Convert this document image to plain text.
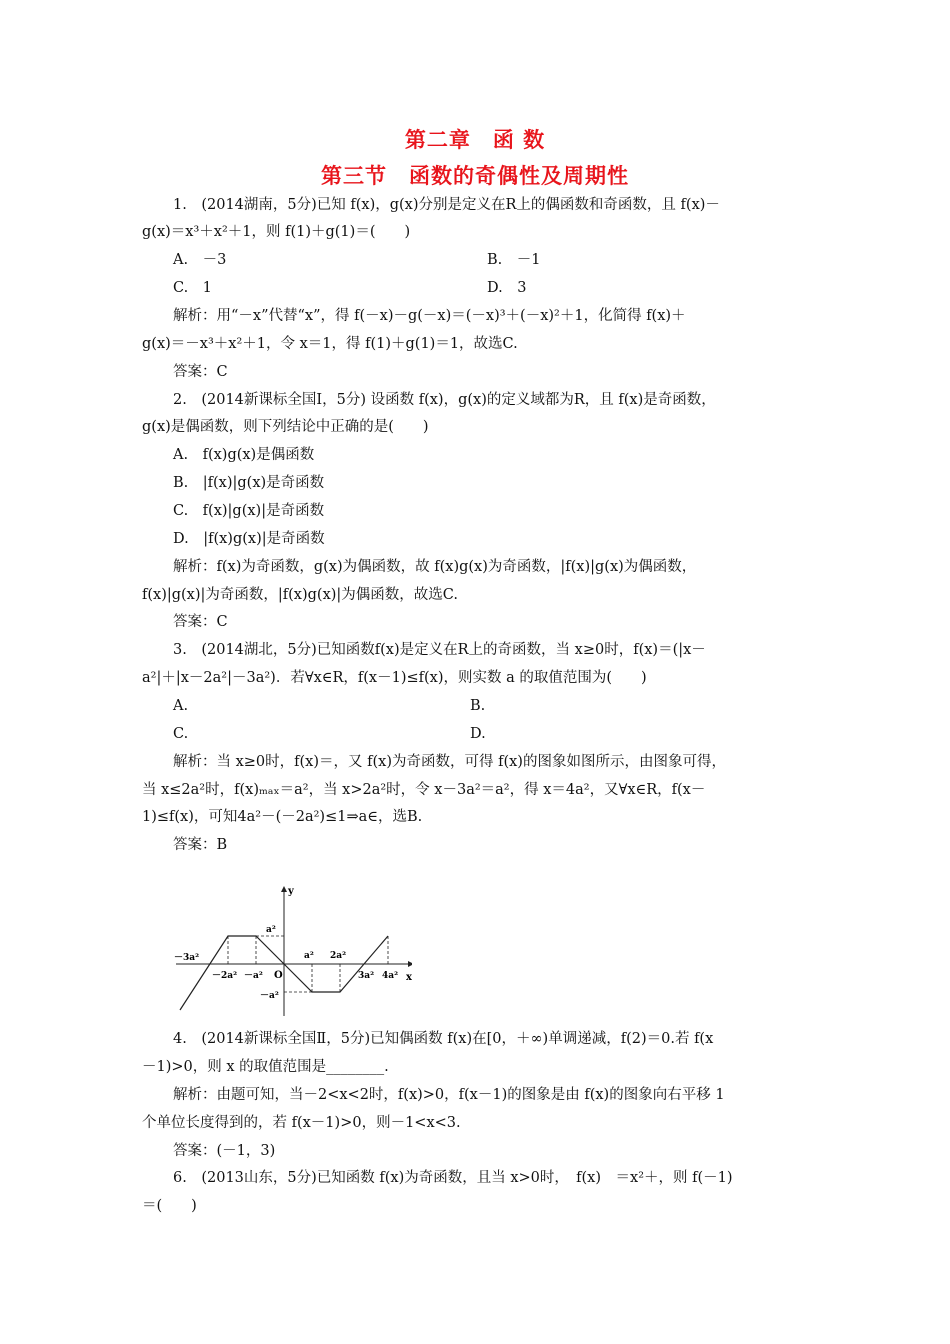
第二章　函 数
第三节　函数的奇偶性及周期性
1.　(2014湖南，5分)已知 f(x)，g(x)分别是定义在R上的偶函数和奇函数，且 f(x)－
g(x)＝x³＋x²＋1，则 f(1)＋g(1)＝(　　)
A.　－3	B.　－1
C.　1	D.　3
解析：用“－x”代替“x”，得 f(－x)－g(－x)＝(－x)³＋(－x)²＋1，化简得 f(x)＋
g(x)＝－x³＋x²＋1，令 x＝1，得 f(1)＋g(1)＝1，故选C.
答案：C
2.　(2014新课标全国Ⅰ，5分) 设函数 f(x)，g(x)的定义域都为R，且 f(x)是奇函数，
g(x)是偶函数，则下列结论中正确的是(　　)
A.　f(x)g(x)是偶函数
B.　|f(x)|g(x)是奇函数
C.　f(x)|g(x)|是奇函数
D.　|f(x)g(x)|是奇函数
解析：f(x)为奇函数，g(x)为偶函数，故 f(x)g(x)为奇函数，|f(x)|g(x)为偶函数，
f(x)|g(x)|为奇函数，|f(x)g(x)|为偶函数，故选C.
答案：C
3.　(2014湖北，5分)已知函数f(x)是定义在R上的奇函数，当 x≥0时，f(x)＝(|x－
a²|＋|x－2a²|－3a²)．若∀x∈R，f(x－1)≤f(x)，则实数 a 的取值范围为(　　)
A.	B.
C.	D.
解析：当 x≥0时，f(x)＝，又 f(x)为奇函数，可得 f(x)的图象如图所示，由图象可得，
当 x≤2a²时，f(x)ₘₐₓ＝a²，当 x>2a²时，令 x－3a²＝a²，得 x＝4a²，又∀x∈R，f(x－
1)≤f(x)，可知4a²－(－2a²)≤1⇒a∈，选B.
答案：B
y
x
O
a²
－a²
－3a²
－2a² －a²
a² 2a²
3a² 4a²
4.　(2014新课标全国Ⅱ，5分)已知偶函数 f(x)在[0，＋∞)单调递减，f(2)＝0.若 f(x
－1)>0，则 x 的取值范围是________.
解析：由题可知，当－2<x<2时，f(x)>0，f(x－1)的图象是由 f(x)的图象向右平移 1
个单位长度得到的，若 f(x－1)>0，则－1<x<3.
答案：(－1，3)
6.　(2013山东，5分)已知函数 f(x)为奇函数，且当 x>0时，　f(x)　＝x²＋，则 f(－1)
＝(　　)
